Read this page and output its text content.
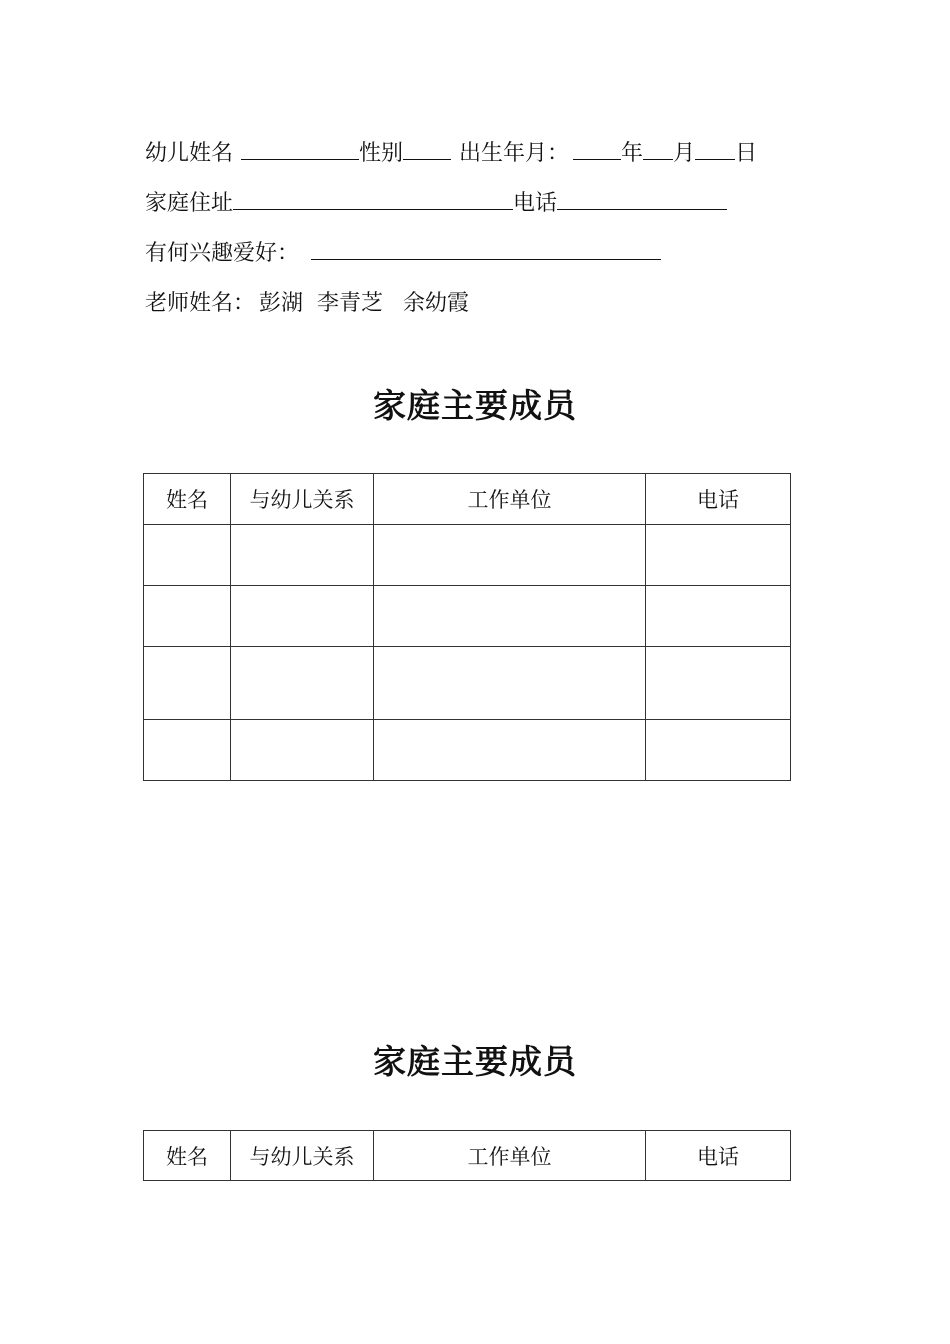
幼儿姓名	性别	出生年月： 年 月 日
家庭住址	电话
有何兴趣爱好：
老师姓名： 彭湖 李青芝 余幼霞
家庭主要成员
姓名	与幼儿关系	工作单位	电话

家庭主要成员
姓名	与幼儿关系	工作单位	电话
